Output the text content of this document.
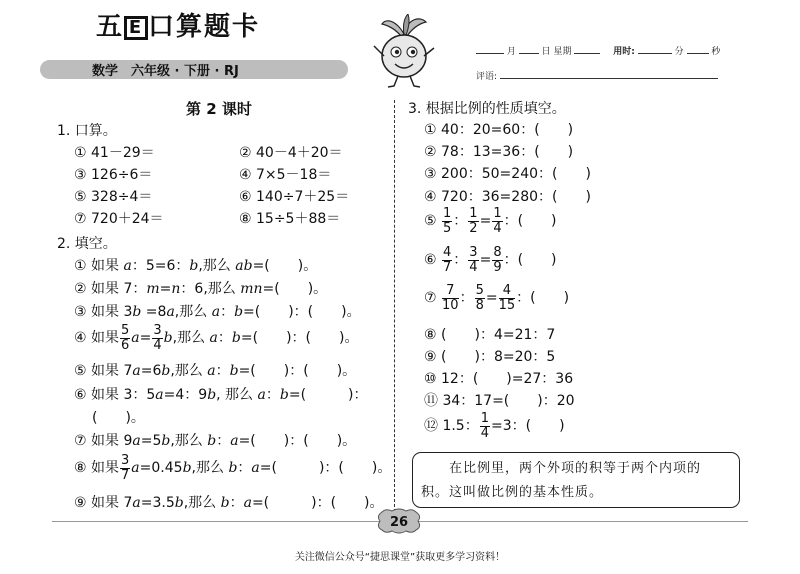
五 E 口算题卡
数学　六年级 · 下册 · RJ
月	日 星期	用时:	分	秒
评语:
第 2 课时
1. 口算。
① 41－29＝	② 40－4＋20＝
③ 126÷6＝	④ 7×5－18＝
⑤ 328÷4＝	⑥ 140÷7＋25＝
⑦ 720＋24＝	⑧ 15÷5＋88＝
2. 填空。
① 如果 a：5=6：b,那么 ab=(　　)。
② 如果 7：m=n：6,那么 mn=(　　)。
③ 如果 3b =8a,那么 a：b=(　　)：(　　)。
④ 如果 $\frac{5}{6} a= \frac{3}{4} b$,那么 a：b=(　　)：(　　)。
⑤ 如果 7a=6b,那么 a：b=(　　)：(　　)。
⑥ 如果 3：5a=4：9b, 那么 a：b=(　　　)：
(　　)。
⑦ 如果 9a=5b,那么 b：a=(　　)：(　　)。
⑧ 如果 $\frac{3}{7} a=0.45b$,那么 b：a=(　　　)：(　　)。
⑨ 如果 7a=3.5b,那么 b：a=(　　　)：(　　)。
3. 根据比例的性质填空。
① 40：20=60：(　　)
② 78：13=36：(　　)
③ 200：50=240：(　　)
④ 720：36=280：(　　)
⑤ $\frac{1}{5}$ ： $\frac{1}{2} = \frac{1}{4}$ ：(　　)
⑥ $\frac{4}{7}$ ： $\frac{3}{4} = \frac{8}{9}$ ：(　　)
⑦ $\frac{7}{10}$ ： $\frac{5}{8} = \frac{4}{15}$ ：(　　)
⑧ (　　)：4=21：7
⑨ (　　)：8=20：5
⑩ 12：(　　)=27：36
⑪ 34：17=(　　)：20
⑫ 1.5： $\frac{1}{4} =3$：(　　)
在比例里，两个外项的积等于两个内项的
积。这叫做比例的基本性质。
26
关注微信公众号“捷思课堂”获取更多学习资料！
